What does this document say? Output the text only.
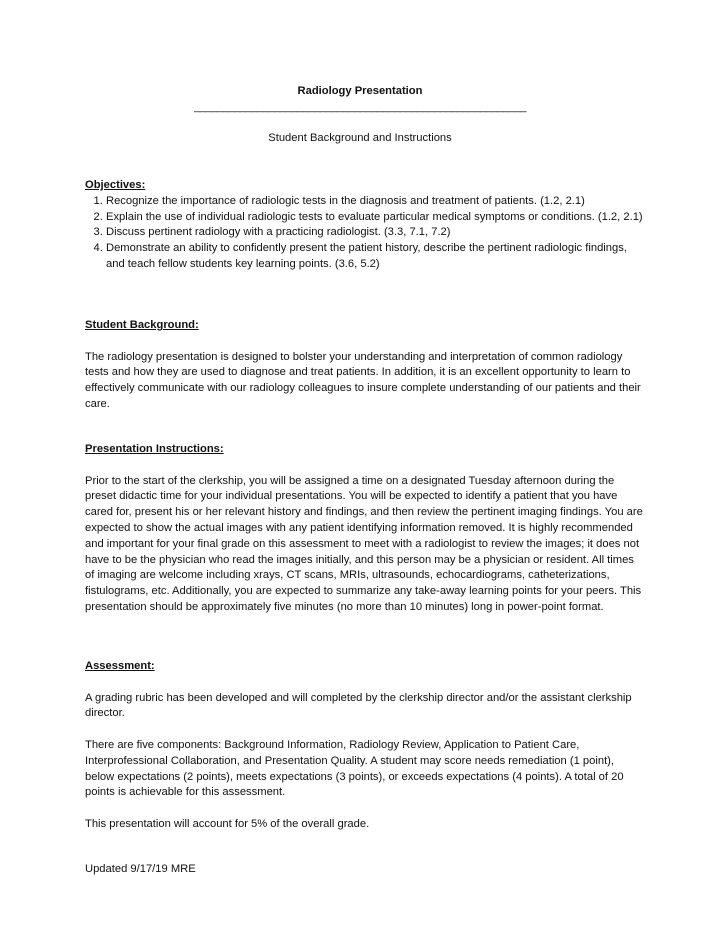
Radiology Presentation
__________________________________________________________
Student Background and Instructions

Objectives:

1. Recognize the importance of radiologic tests in the diagnosis and treatment of patients. (1.2, 2.1)
2. Explain the use of individual radiologic tests to evaluate particular medical symptoms or conditions. (1.2, 2.1)
3. Discuss pertinent radiology with a practicing radiologist. (3.3, 7.1, 7.2)
4. Demonstrate an ability to confidently present the patient history, describe the pertinent radiologic findings, and teach fellow students key learning points. (3.6, 5.2)

Student Background:

The radiology presentation is designed to bolster your understanding and interpretation of common radiology tests and how they are used to diagnose and treat patients. In addition, it is an excellent opportunity to learn to effectively communicate with our radiology colleagues to insure complete understanding of our patients and their care.

Presentation Instructions:

Prior to the start of the clerkship, you will be assigned a time on a designated Tuesday afternoon during the preset didactic time for your individual presentations. You will be expected to identify a patient that you have cared for, present his or her relevant history and findings, and then review the pertinent imaging findings. You are expected to show the actual images with any patient identifying information removed. It is highly recommended and important for your final grade on this assessment to meet with a radiologist to review the images; it does not have to be the physician who read the images initially, and this person may be a physician or resident. All times of imaging are welcome including xrays, CT scans, MRIs, ultrasounds, echocardiograms, catheterizations, fistulograms, etc. Additionally, you are expected to summarize any take-away learning points for your peers. This presentation should be approximately five minutes (no more than 10 minutes) long in power-point format.

Assessment:

A grading rubric has been developed and will completed by the clerkship director and/or the assistant clerkship director.

There are five components: Background Information, Radiology Review, Application to Patient Care, Interprofessional Collaboration, and Presentation Quality. A student may score needs remediation (1 point), below expectations (2 points), meets expectations (3 points), or exceeds expectations (4 points). A total of 20 points is achievable for this assessment.

This presentation will account for 5% of the overall grade.

Updated 9/17/19 MRE
